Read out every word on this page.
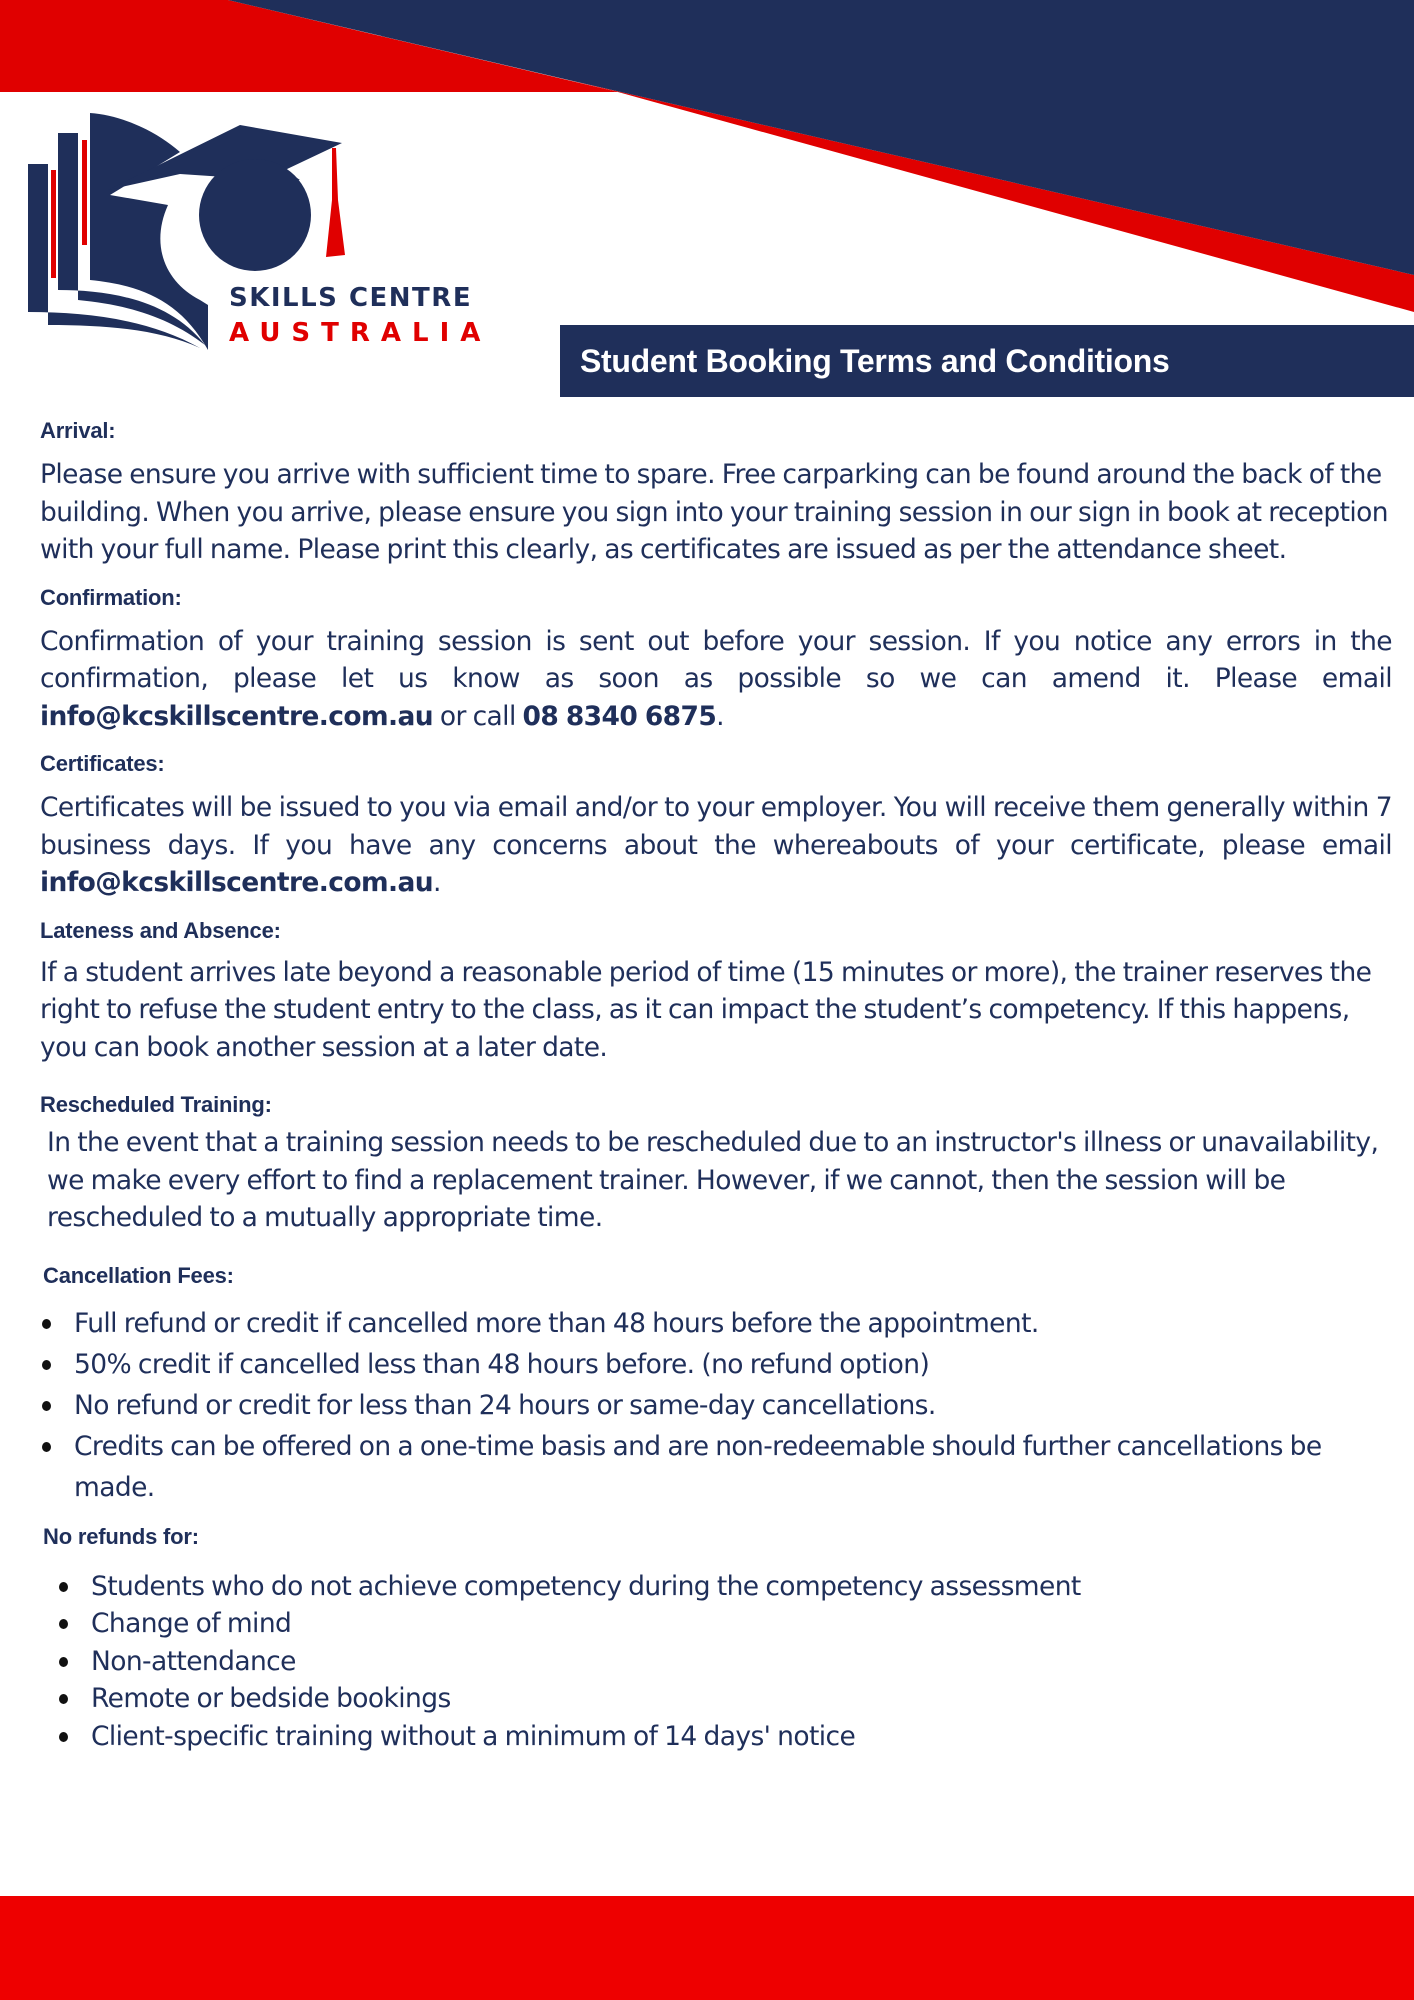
SKILLS CENTRE
AUSTRALIA
Student Booking Terms and Conditions
Arrival:

Please ensure you arrive with sufficient time to spare. Free carparking can be found around the back of the building. When you arrive, please ensure you sign into your training session in our sign in book at reception with your full name. Please print this clearly, as certificates are issued as per the attendance sheet.

Confirmation:

Confirmation of your training session is sent out before your session. If you notice any errors in the confirmation, please let us know as soon as possible so we can amend it. Please email info@kcskillscentre.com.au or call 08 8340 6875.

Certificates:

Certificates will be issued to you via email and/or to your employer. You will receive them generally within 7 business days. If you have any concerns about the whereabouts of your certificate, please email info@kcskillscentre.com.au.

Lateness and Absence:

If a student arrives late beyond a reasonable period of time (15 minutes or more), the trainer reserves the right to refuse the student entry to the class, as it can impact the student’s competency. If this happens, you can book another session at a later date.

Rescheduled Training:

In the event that a training session needs to be rescheduled due to an instructor's illness or unavailability, we make every effort to find a replacement trainer. However, if we cannot, then the session will be rescheduled to a mutually appropriate time.

Cancellation Fees:
Full refund or credit if cancelled more than 48 hours before the appointment.
50% credit if cancelled less than 48 hours before. (no refund option)
No refund or credit for less than 24 hours or same-day cancellations.
Credits can be offered on a one-time basis and are non-redeemable should further cancellations be made.
No refunds for:
Students who do not achieve competency during the competency assessment
Change of mind
Non-attendance
Remote or bedside bookings
Client-specific training without a minimum of 14 days' notice
